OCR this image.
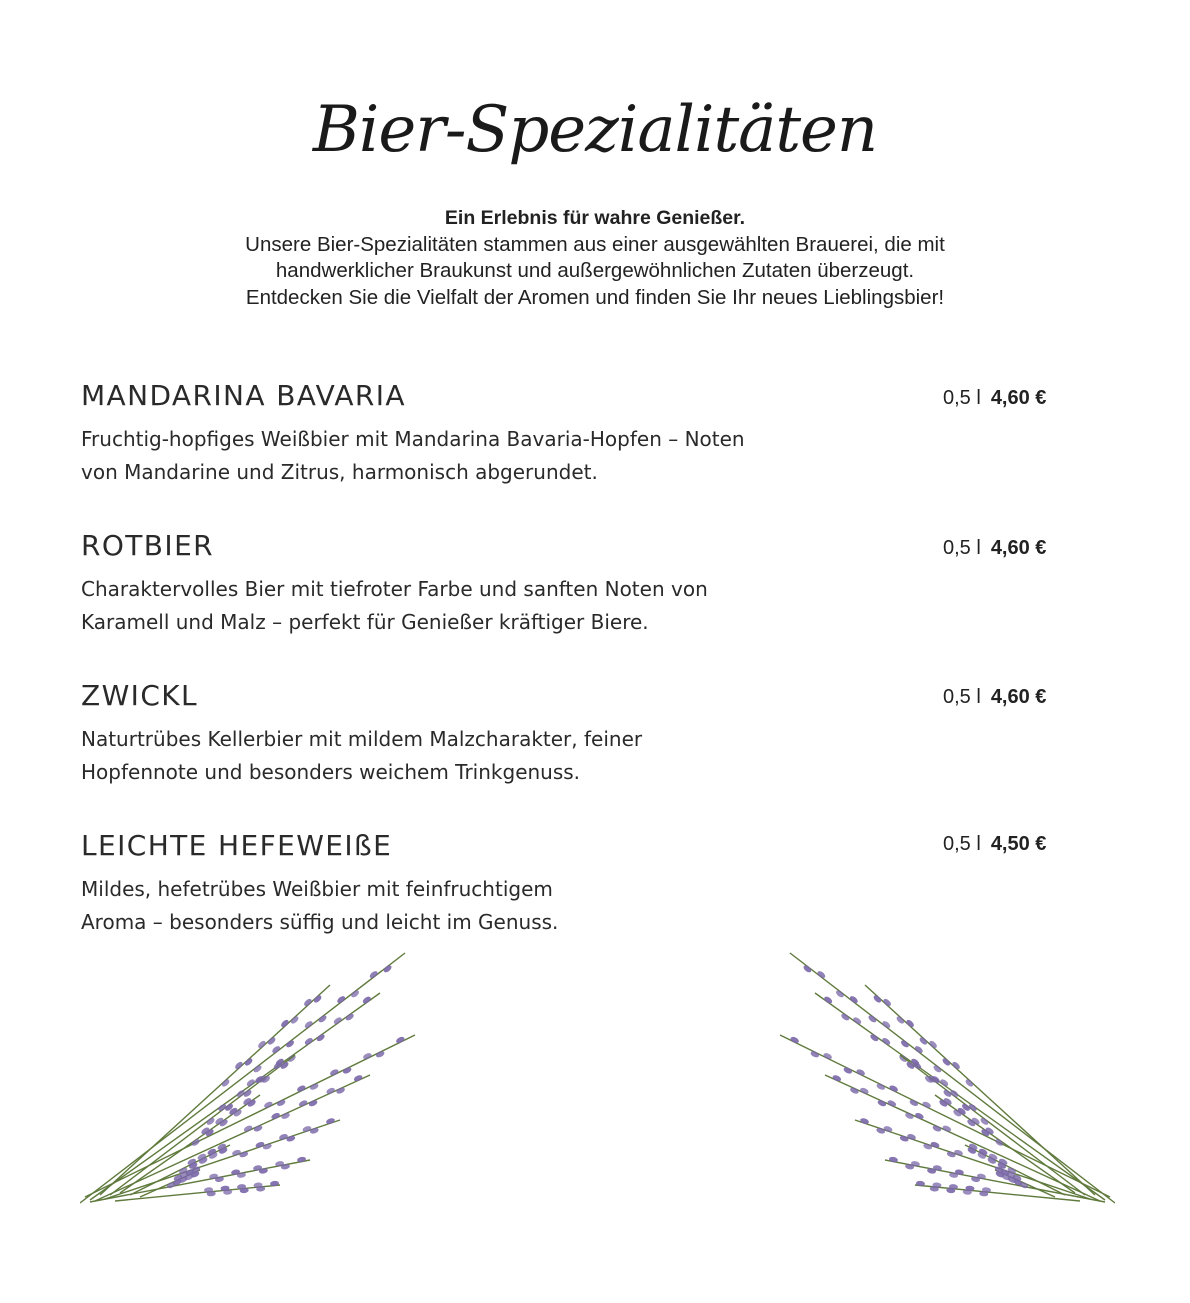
Bier-Spezialitäten
Ein Erlebnis für wahre Genießer.
Unsere Bier-Spezialitäten stammen aus einer ausgewählten Brauerei, die mit
handwerklicher Braukunst und außergewöhnlichen Zutaten überzeugt.
Entdecken Sie die Vielfalt der Aromen und finden Sie Ihr neues Lieblingsbier!
MANDARINA BAVARIA
Fruchtig-hopfiges Weißbier mit Mandarina Bavaria-Hopfen – Noten
von Mandarine und Zitrus, harmonisch abgerundet.
0,5 l 4,60 €
ROTBIER
Charaktervolles Bier mit tiefroter Farbe und sanften Noten von
Karamell und Malz – perfekt für Genießer kräftiger Biere.
0,5 l 4,60 €
ZWICKL
Naturtrübes Kellerbier mit mildem Malzcharakter, feiner
Hopfennote und besonders weichem Trinkgenuss.
0,5 l 4,60 €
LEICHTE HEFEWEIßE
Mildes, hefetrübes Weißbier mit feinfruchtigem
Aroma – besonders süffig und leicht im Genuss.
0,5 l 4,50 €
